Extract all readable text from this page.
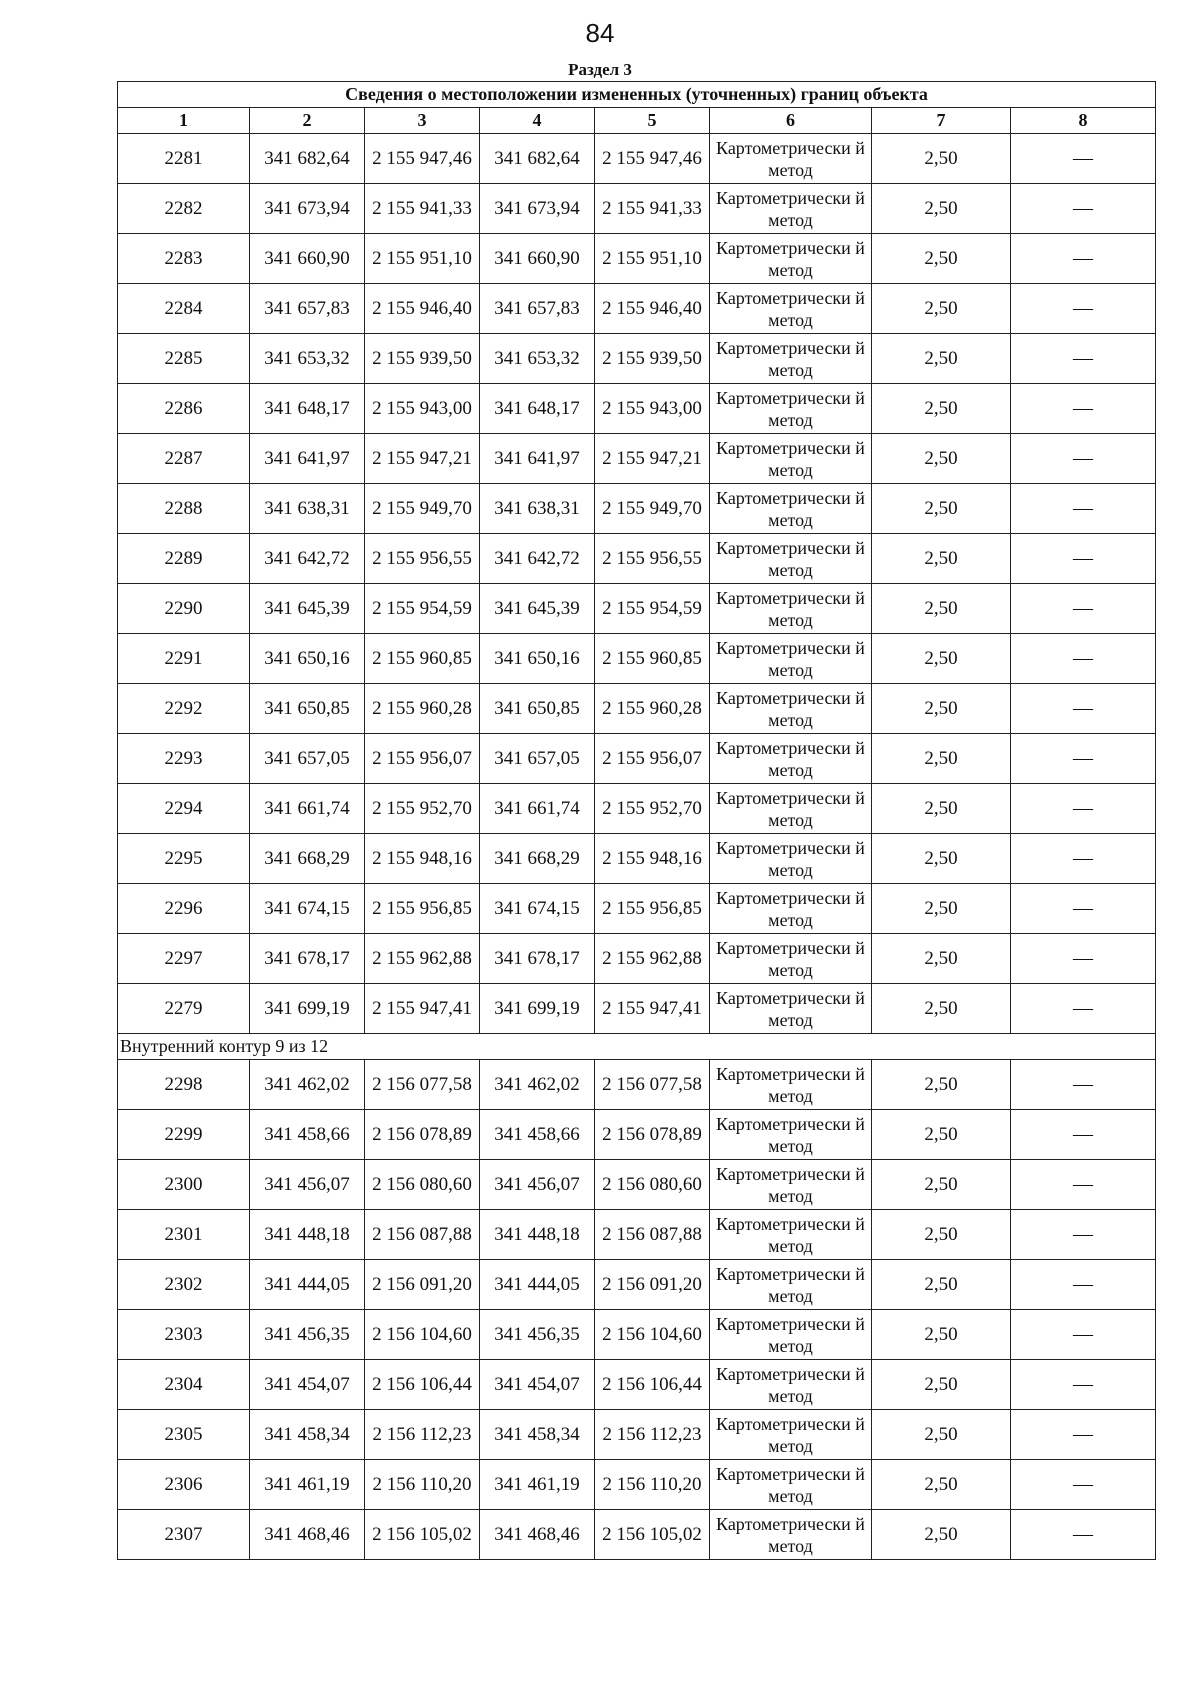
84
Раздел 3
Сведения о местоположении измененных (уточненных) границ объекта							
1	2	3	4	5	6	7	8
2281	341 682,64	2 155 947,46	341 682,64	2 155 947,46	Картометрически й метод	2,50	—
2282	341 673,94	2 155 941,33	341 673,94	2 155 941,33	Картометрически й метод	2,50	—
2283	341 660,90	2 155 951,10	341 660,90	2 155 951,10	Картометрически й метод	2,50	—
2284	341 657,83	2 155 946,40	341 657,83	2 155 946,40	Картометрически й метод	2,50	—
2285	341 653,32	2 155 939,50	341 653,32	2 155 939,50	Картометрически й метод	2,50	—
2286	341 648,17	2 155 943,00	341 648,17	2 155 943,00	Картометрически й метод	2,50	—
2287	341 641,97	2 155 947,21	341 641,97	2 155 947,21	Картометрически й метод	2,50	—
2288	341 638,31	2 155 949,70	341 638,31	2 155 949,70	Картометрически й метод	2,50	—
2289	341 642,72	2 155 956,55	341 642,72	2 155 956,55	Картометрически й метод	2,50	—
2290	341 645,39	2 155 954,59	341 645,39	2 155 954,59	Картометрически й метод	2,50	—
2291	341 650,16	2 155 960,85	341 650,16	2 155 960,85	Картометрически й метод	2,50	—
2292	341 650,85	2 155 960,28	341 650,85	2 155 960,28	Картометрически й метод	2,50	—
2293	341 657,05	2 155 956,07	341 657,05	2 155 956,07	Картометрически й метод	2,50	—
2294	341 661,74	2 155 952,70	341 661,74	2 155 952,70	Картометрически й метод	2,50	—
2295	341 668,29	2 155 948,16	341 668,29	2 155 948,16	Картометрически й метод	2,50	—
2296	341 674,15	2 155 956,85	341 674,15	2 155 956,85	Картометрически й метод	2,50	—
2297	341 678,17	2 155 962,88	341 678,17	2 155 962,88	Картометрически й метод	2,50	—
2279	341 699,19	2 155 947,41	341 699,19	2 155 947,41	Картометрически й метод	2,50	—
Внутренний контур 9 из 12							
2298	341 462,02	2 156 077,58	341 462,02	2 156 077,58	Картометрически й метод	2,50	—
2299	341 458,66	2 156 078,89	341 458,66	2 156 078,89	Картометрически й метод	2,50	—
2300	341 456,07	2 156 080,60	341 456,07	2 156 080,60	Картометрически й метод	2,50	—
2301	341 448,18	2 156 087,88	341 448,18	2 156 087,88	Картометрически й метод	2,50	—
2302	341 444,05	2 156 091,20	341 444,05	2 156 091,20	Картометрически й метод	2,50	—
2303	341 456,35	2 156 104,60	341 456,35	2 156 104,60	Картометрически й метод	2,50	—
2304	341 454,07	2 156 106,44	341 454,07	2 156 106,44	Картометрически й метод	2,50	—
2305	341 458,34	2 156 112,23	341 458,34	2 156 112,23	Картометрически й метод	2,50	—
2306	341 461,19	2 156 110,20	341 461,19	2 156 110,20	Картометрически й метод	2,50	—
2307	341 468,46	2 156 105,02	341 468,46	2 156 105,02	Картометрически й метод	2,50	—
